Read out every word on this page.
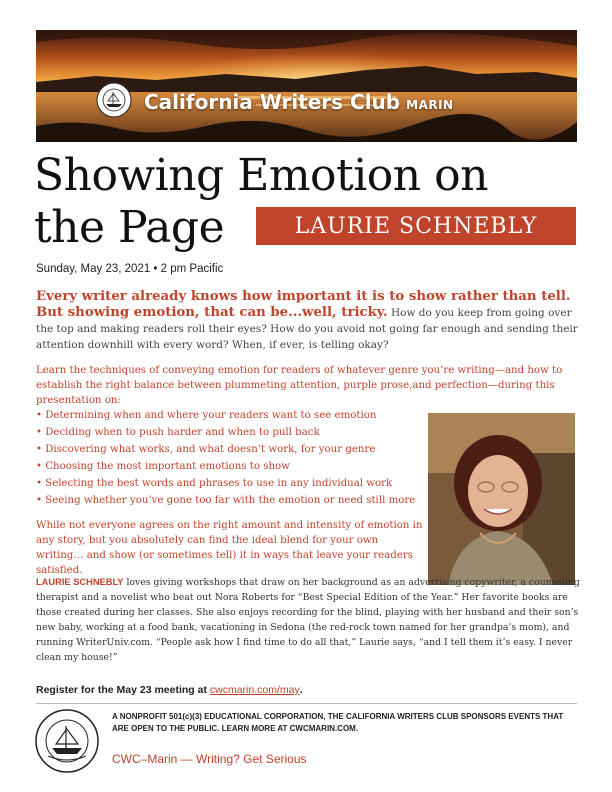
California Writers Club MARIN
Showing Emotion on
the Page	LAURIE SCHNEBLY
Sunday, May 23, 2021 • 2 pm Pacific

Every writer already knows how important it is to show rather than tell. But showing emotion, that can be...well, tricky. How do you keep from going over the top and making readers roll their eyes? How do you avoid not going far enough and sending their attention downhill with every word? When, if ever, is telling okay?

Learn the techniques of conveying emotion for readers of whatever genre you’re writing—and how to establish the right balance between plummeting attention, purple prose,and perfection—during this presentation on:

• Determining when and where your readers want to see emotion
• Deciding when to push harder and when to pull back
• Discovering what works, and what doesn’t work, for your genre
• Choosing the most important emotions to show
• Selecting the best words and phrases to use in any individual work
• Seeing whether you’ve gone too far with the emotion or need still more

While not everyone agrees on the right amount and intensity of emotion in any story, but you absolutely can find the ideal blend for your own writing… and show (or sometimes tell) it in ways that leave your readers satisfied.

LAURIE SCHNEBLY loves giving workshops that draw on her background as an advertising copywriter, a counseling therapist and a novelist who beat out Nora Roberts for “Best Special Edition of the Year.” Her favorite books are those created during her classes. She also enjoys recording for the blind, playing with her husband and their son’s new baby, working at a food bank, vacationing in Sedona (the red-rock town named for her grandpa’s mom), and running WriterUniv.com. “People ask how I find time to do all that,” Laurie says, “and I tell them it’s easy. I never clean my house!”

Register for the May 23 meeting at cwcmarin.com/may.

A NONPROFIT 501(c)(3) EDUCATIONAL CORPORATION, THE CALIFORNIA WRITERS CLUB SPONSORS EVENTS THAT ARE OPEN TO THE PUBLIC. LEARN MORE AT CWCMARIN.COM.

CWC–Marin — Writing? Get Serious
